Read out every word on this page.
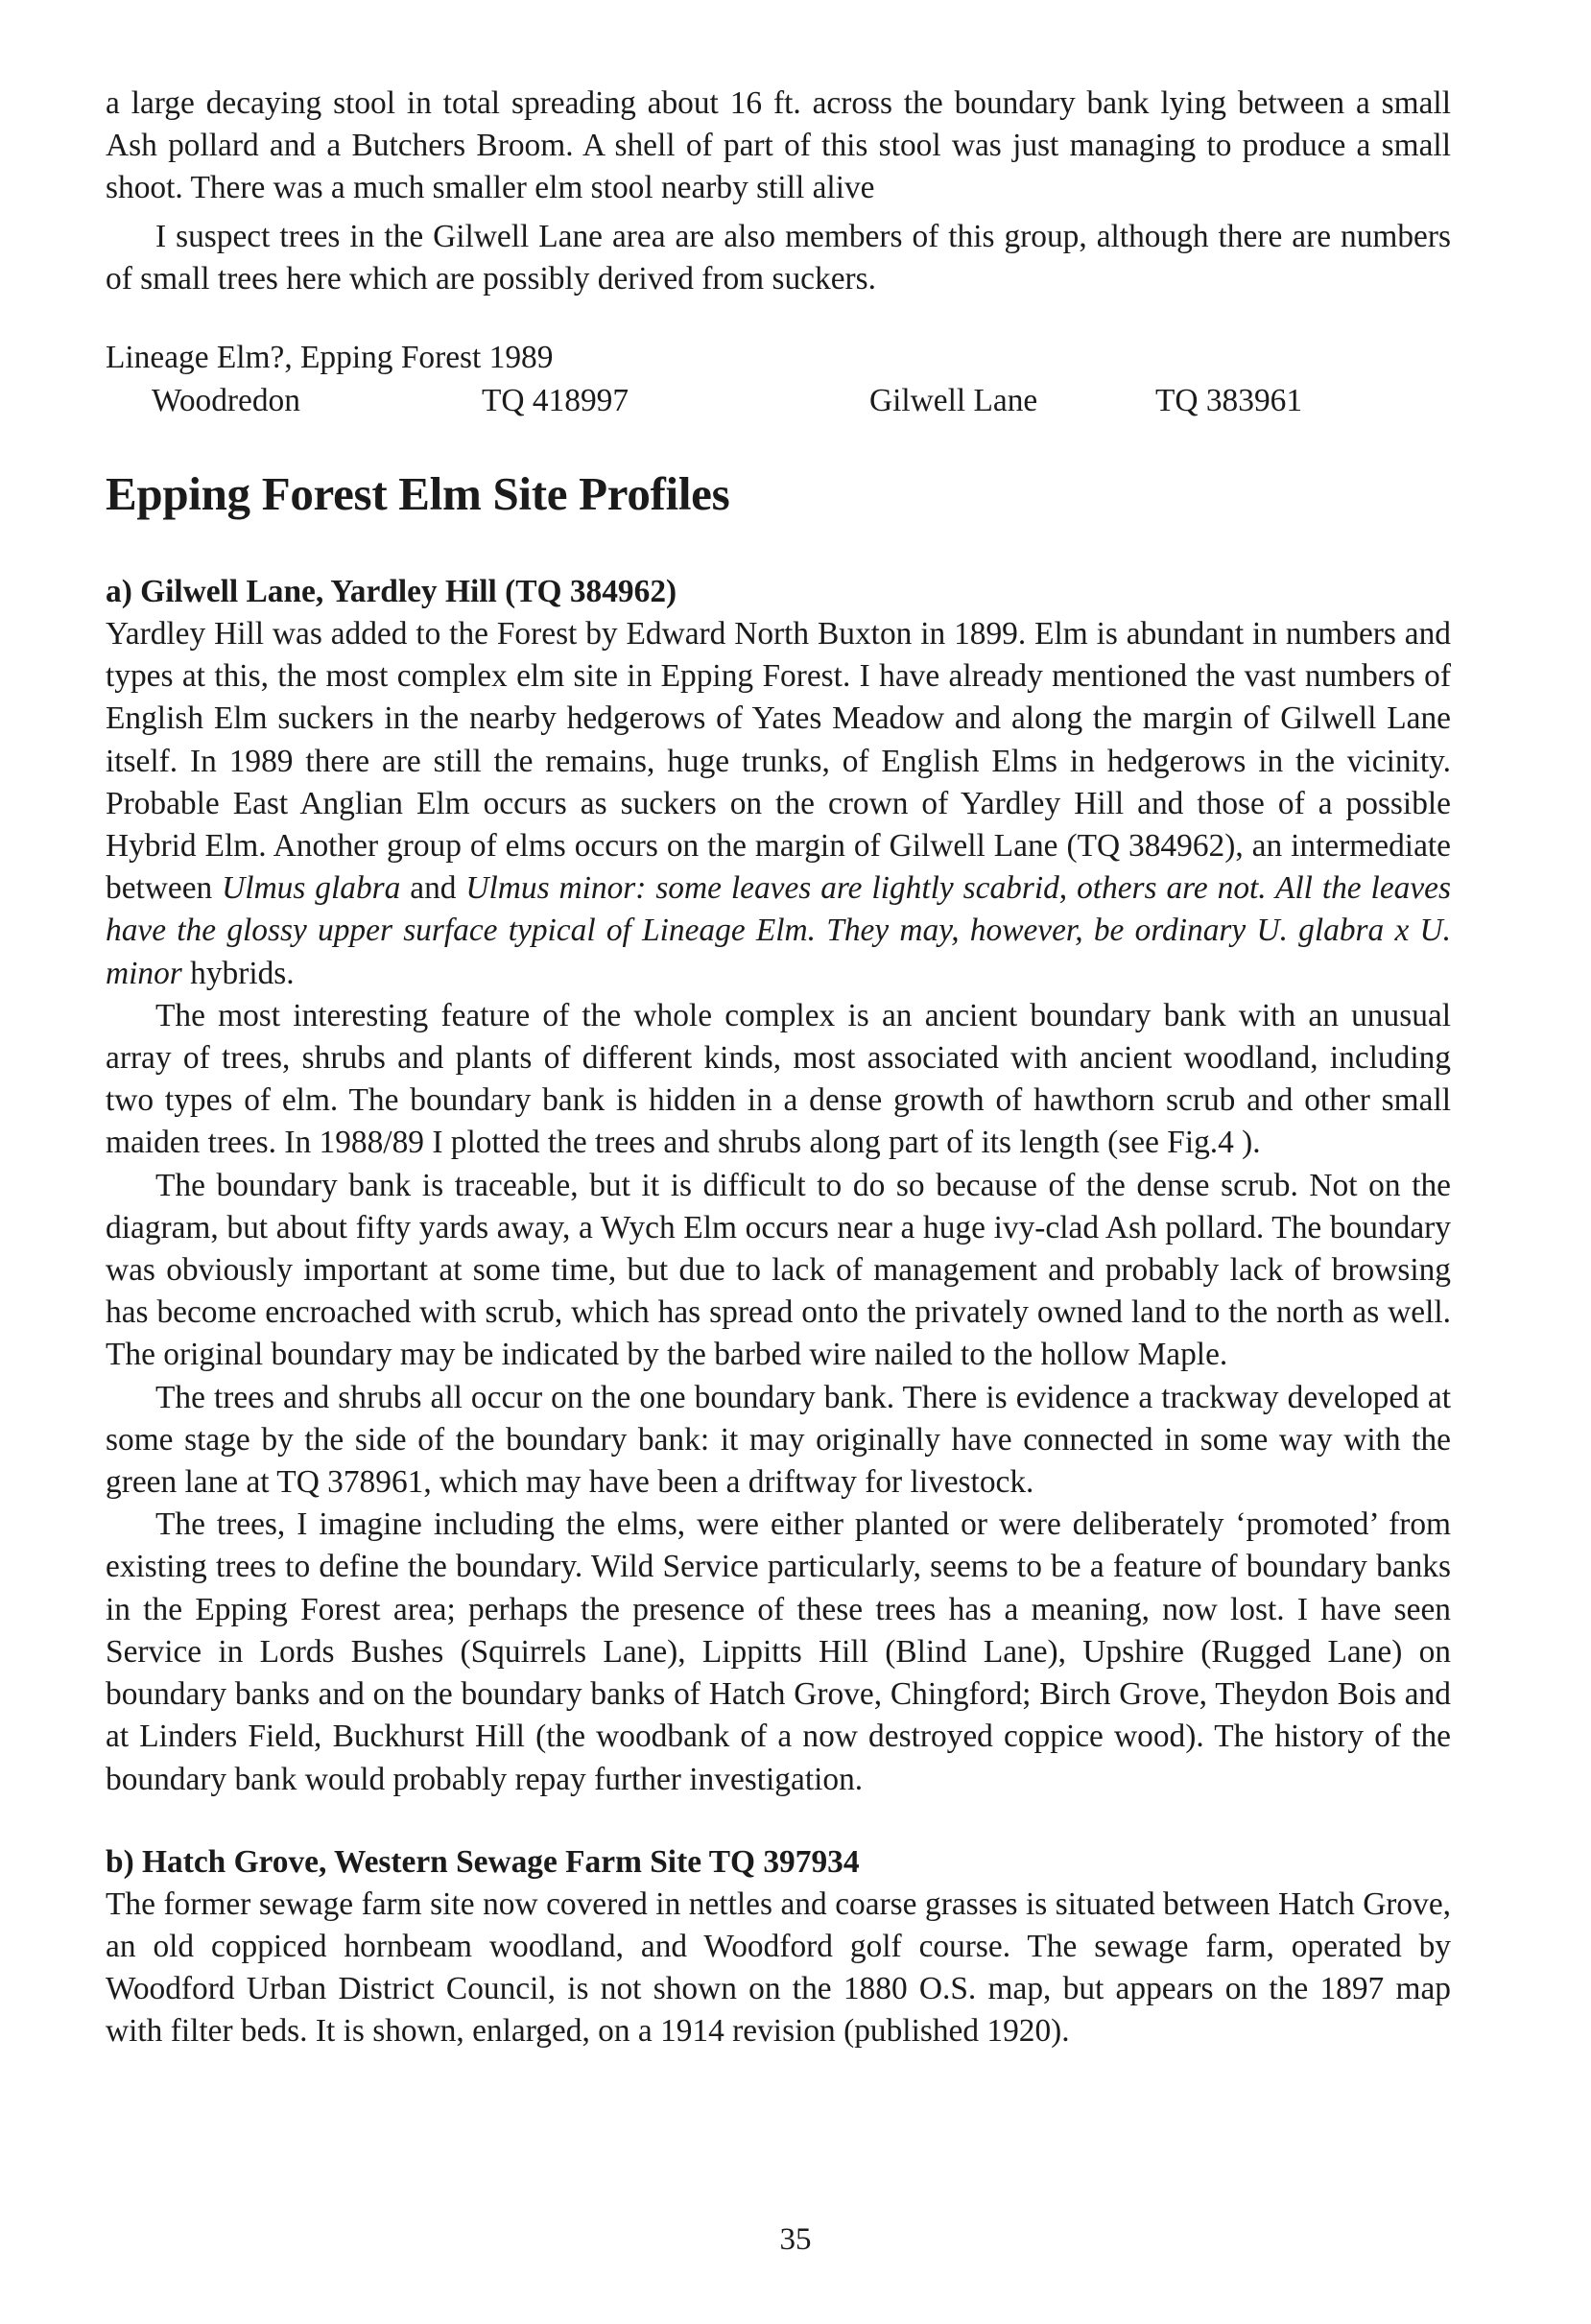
a large decaying stool in total spreading about 16 ft. across the boundary bank lying between a small Ash pollard and a Butchers Broom. A shell of part of this stool was just managing to produce a small shoot. There was a much smaller elm stool nearby still alive

I suspect trees in the Gilwell Lane area are also members of this group, although there are numbers of small trees here which are possibly derived from suckers.

Lineage Elm?, Epping Forest 1989

Woodredon	TQ 418997	Gilwell Lane	TQ 383961
Epping Forest Elm Site Profiles
a) Gilwell Lane, Yardley Hill (TQ 384962)

Yardley Hill was added to the Forest by Edward North Buxton in 1899. Elm is abundant in numbers and types at this, the most complex elm site in Epping Forest. I have already mentioned the vast numbers of English Elm suckers in the nearby hedgerows of Yates Meadow and along the margin of Gilwell Lane itself. In 1989 there are still the remains, huge trunks, of English Elms in hedgerows in the vicinity. Probable East Anglian Elm occurs as suckers on the crown of Yardley Hill and those of a possible Hybrid Elm. Another group of elms occurs on the margin of Gilwell Lane (TQ 384962), an intermediate between Ulmus glabra and Ulmus minor: some leaves are lightly scabrid, others are not. All the leaves have the glossy upper surface typical of Lineage Elm. They may, however, be ordinary U. glabra x U. minor hybrids.

The most interesting feature of the whole complex is an ancient boundary bank with an unusual array of trees, shrubs and plants of different kinds, most associated with ancient woodland, including two types of elm. The boundary bank is hidden in a dense growth of hawthorn scrub and other small maiden trees. In 1988/89 I plotted the trees and shrubs along part of its length (see Fig.4 ).

The boundary bank is traceable, but it is difficult to do so because of the dense scrub. Not on the diagram, but about fifty yards away, a Wych Elm occurs near a huge ivy-clad Ash pollard. The boundary was obviously important at some time, but due to lack of management and probably lack of browsing has become encroached with scrub, which has spread onto the privately owned land to the north as well. The original boundary may be indicated by the barbed wire nailed to the hollow Maple.

The trees and shrubs all occur on the one boundary bank. There is evidence a trackway developed at some stage by the side of the boundary bank: it may originally have connected in some way with the green lane at TQ 378961, which may have been a driftway for livestock.

The trees, I imagine including the elms, were either planted or were deliberately ‘promoted’ from existing trees to define the boundary. Wild Service particularly, seems to be a feature of boundary banks in the Epping Forest area; perhaps the presence of these trees has a meaning, now lost. I have seen Service in Lords Bushes (Squirrels Lane), Lippitts Hill (Blind Lane), Upshire (Rugged Lane) on boundary banks and on the boundary banks of Hatch Grove, Chingford; Birch Grove, Theydon Bois and at Linders Field, Buckhurst Hill (the woodbank of a now destroyed coppice wood). The history of the boundary bank would probably repay further investigation.

b) Hatch Grove, Western Sewage Farm Site TQ 397934

The former sewage farm site now covered in nettles and coarse grasses is situated between Hatch Grove, an old coppiced hornbeam woodland, and Woodford golf course. The sewage farm, operated by Woodford Urban District Council, is not shown on the 1880 O.S. map, but appears on the 1897 map with filter beds. It is shown, enlarged, on a 1914 revision (published 1920).

35
